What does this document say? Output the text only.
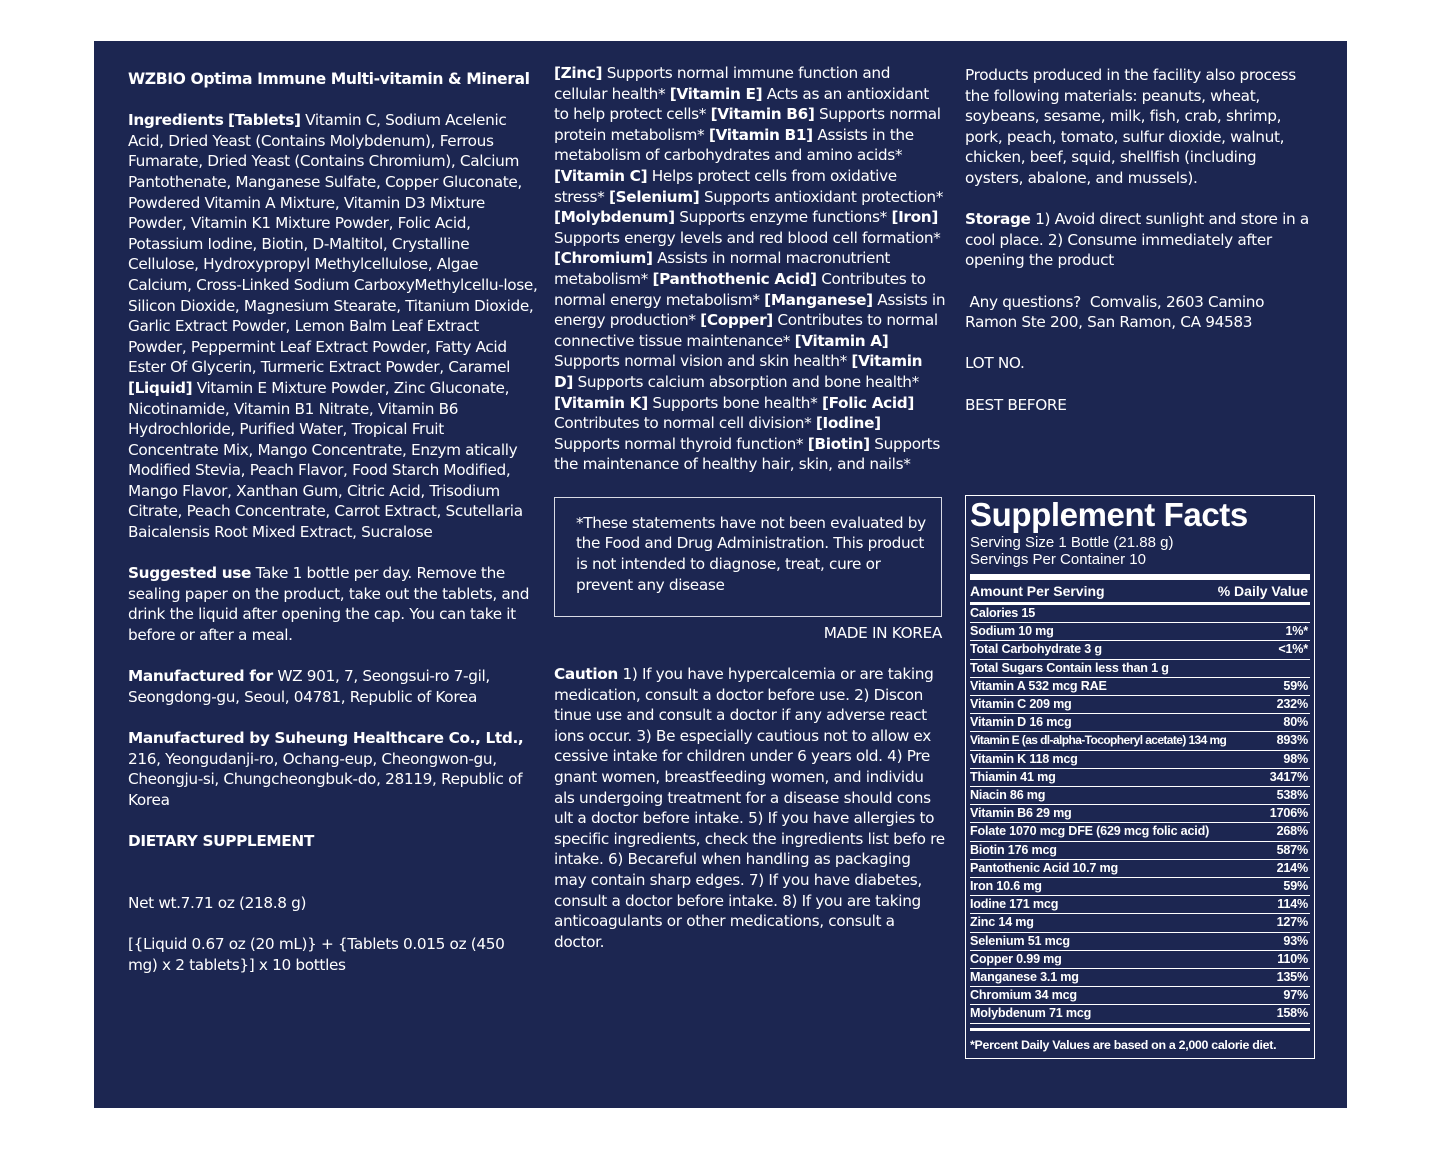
WZBIO Optima Immune Multi-vitamin & Mineral

Ingredients [Tablets] Vitamin C, Sodium Acelenic Acid, Dried Yeast (Contains Molybdenum), Ferrous Fumarate, Dried Yeast (Contains Chromium), Calcium Pantothenate, Manganese Sulfate, Copper Gluconate, Powdered Vitamin A Mixture, Vitamin D3 Mixture Powder, Vitamin K1 Mixture Powder, Folic Acid, Potassium Iodine, Biotin, D-Maltitol, Crystalline Cellulose, Hydroxypropyl Methylcellulose, Algae Calcium, Cross-Linked Sodium CarboxyMethylcellu-lose, Silicon Dioxide, Magnesium Stearate, Titanium Dioxide, Garlic Extract Powder, Lemon Balm Leaf Extract Powder, Peppermint Leaf Extract Powder, Fatty Acid Ester Of Glycerin, Turmeric Extract Powder, Caramel [Liquid] Vitamin E Mixture Powder, Zinc Gluconate, Nicotinamide, Vitamin B1 Nitrate, Vitamin B6 Hydrochloride, Purified Water, Tropical Fruit Concentrate Mix, Mango Concentrate, Enzym atically Modified Stevia, Peach Flavor, Food Starch Modified, Mango Flavor, Xanthan Gum, Citric Acid, Trisodium Citrate, Peach Concentrate, Carrot Extract, Scutellaria Baicalensis Root Mixed Extract, Sucralose

Suggested use Take 1 bottle per day. Remove the sealing paper on the product, take out the tablets, and drink the liquid after opening the cap. You can take it before or after a meal.

Manufactured for WZ 901, 7, Seongsui-ro 7-gil, Seongdong-gu, Seoul, 04781, Republic of Korea

Manufactured by Suheung Healthcare Co., Ltd., 216, Yeongudanji-ro, Ochang-eup, Cheongwon-gu, Cheongju-si, Chungcheongbuk-do, 28119, Republic of Korea

DIETARY SUPPLEMENT

Net wt.7.71 oz (218.8 g)

[{Liquid 0.67 oz (20 mL)} + {Tablets 0.015 oz (450 mg) x 2 tablets}] x 10 bottles

[Zinc] Supports normal immune function and cellular health* [Vitamin E] Acts as an antioxidant to help protect cells* [Vitamin B6] Supports normal protein metabolism* [Vitamin B1] Assists in the metabolism of carbohydrates and amino acids* [Vitamin C] Helps protect cells from oxidative stress* [Selenium] Supports antioxidant protection* [Molybdenum] Supports enzyme functions* [Iron] Supports energy levels and red blood cell formation* [Chromium] Assists in normal macronutrient metabolism* [Panthothenic Acid] Contributes to normal energy metabolism* [Manganese] Assists in energy production* [Copper] Contributes to normal connective tissue maintenance* [Vitamin A] Supports normal vision and skin health* [Vitamin D] Supports calcium absorption and bone health* [Vitamin K] Supports bone health* [Folic Acid] Contributes to normal cell division* [Iodine] Supports normal thyroid function* [Biotin] Supports the maintenance of healthy hair, skin, and nails*

*These statements have not been evaluated by the Food and Drug Administration. This product is not intended to diagnose, treat, cure or prevent any disease

MADE IN KOREA

Caution 1) If you have hypercalcemia or are taking medication, consult a doctor before use. 2) Discon tinue use and consult a doctor if any adverse react ions occur. 3) Be especially cautious not to allow ex cessive intake for children under 6 years old. 4) Pre gnant women, breastfeeding women, and individu als undergoing treatment for a disease should cons ult a doctor before intake. 5) If you have allergies to specific ingredients, check the ingredients list befo re intake. 6) Becareful when handling as packaging may contain sharp edges. 7) If you have diabetes, consult a doctor before intake. 8) If you are taking anticoagulants or other medications, consult a doctor.

Products produced in the facility also process the following materials: peanuts, wheat, soybeans, sesame, milk, fish, crab, shrimp, pork, peach, tomato, sulfur dioxide, walnut, chicken, beef, squid, shellfish (including oysters, abalone, and mussels).

Storage 1) Avoid direct sunlight and store in a cool place. 2) Consume immediately after opening the product

Any questions?  Comvalis, 2603 Camino Ramon Ste 200, San Ramon, CA 94583

LOT NO.

BEST BEFORE

Supplement Facts

Serving Size 1 Bottle (21.88 g)
Servings Per Container 10
Amount Per Serving	% Daily Value
Calories 15
Sodium 10 mg	1%*
Total Carbohydrate 3 g	<1%*
Total Sugars Contain less than 1 g
Vitamin A 532 mcg RAE	59%
Vitamin C 209 mg	232%
Vitamin D 16 mcg	80%
Vitamin E (as dl-alpha-Tocopheryl acetate) 134 mg	893%
Vitamin K 118 mcg	98%
Thiamin 41 mg	3417%
Niacin 86 mg	538%
Vitamin B6 29 mg	1706%
Folate 1070 mcg DFE (629 mcg folic acid)	268%
Biotin 176 mcg	587%
Pantothenic Acid 10.7 mg	214%
Iron 10.6 mg	59%
Iodine 171 mcg	114%
Zinc 14 mg	127%
Selenium 51 mcg	93%
Copper 0.99 mg	110%
Manganese 3.1 mg	135%
Chromium 34 mcg	97%
Molybdenum 71 mcg	158%
*Percent Daily Values are based on a 2,000 calorie diet.
